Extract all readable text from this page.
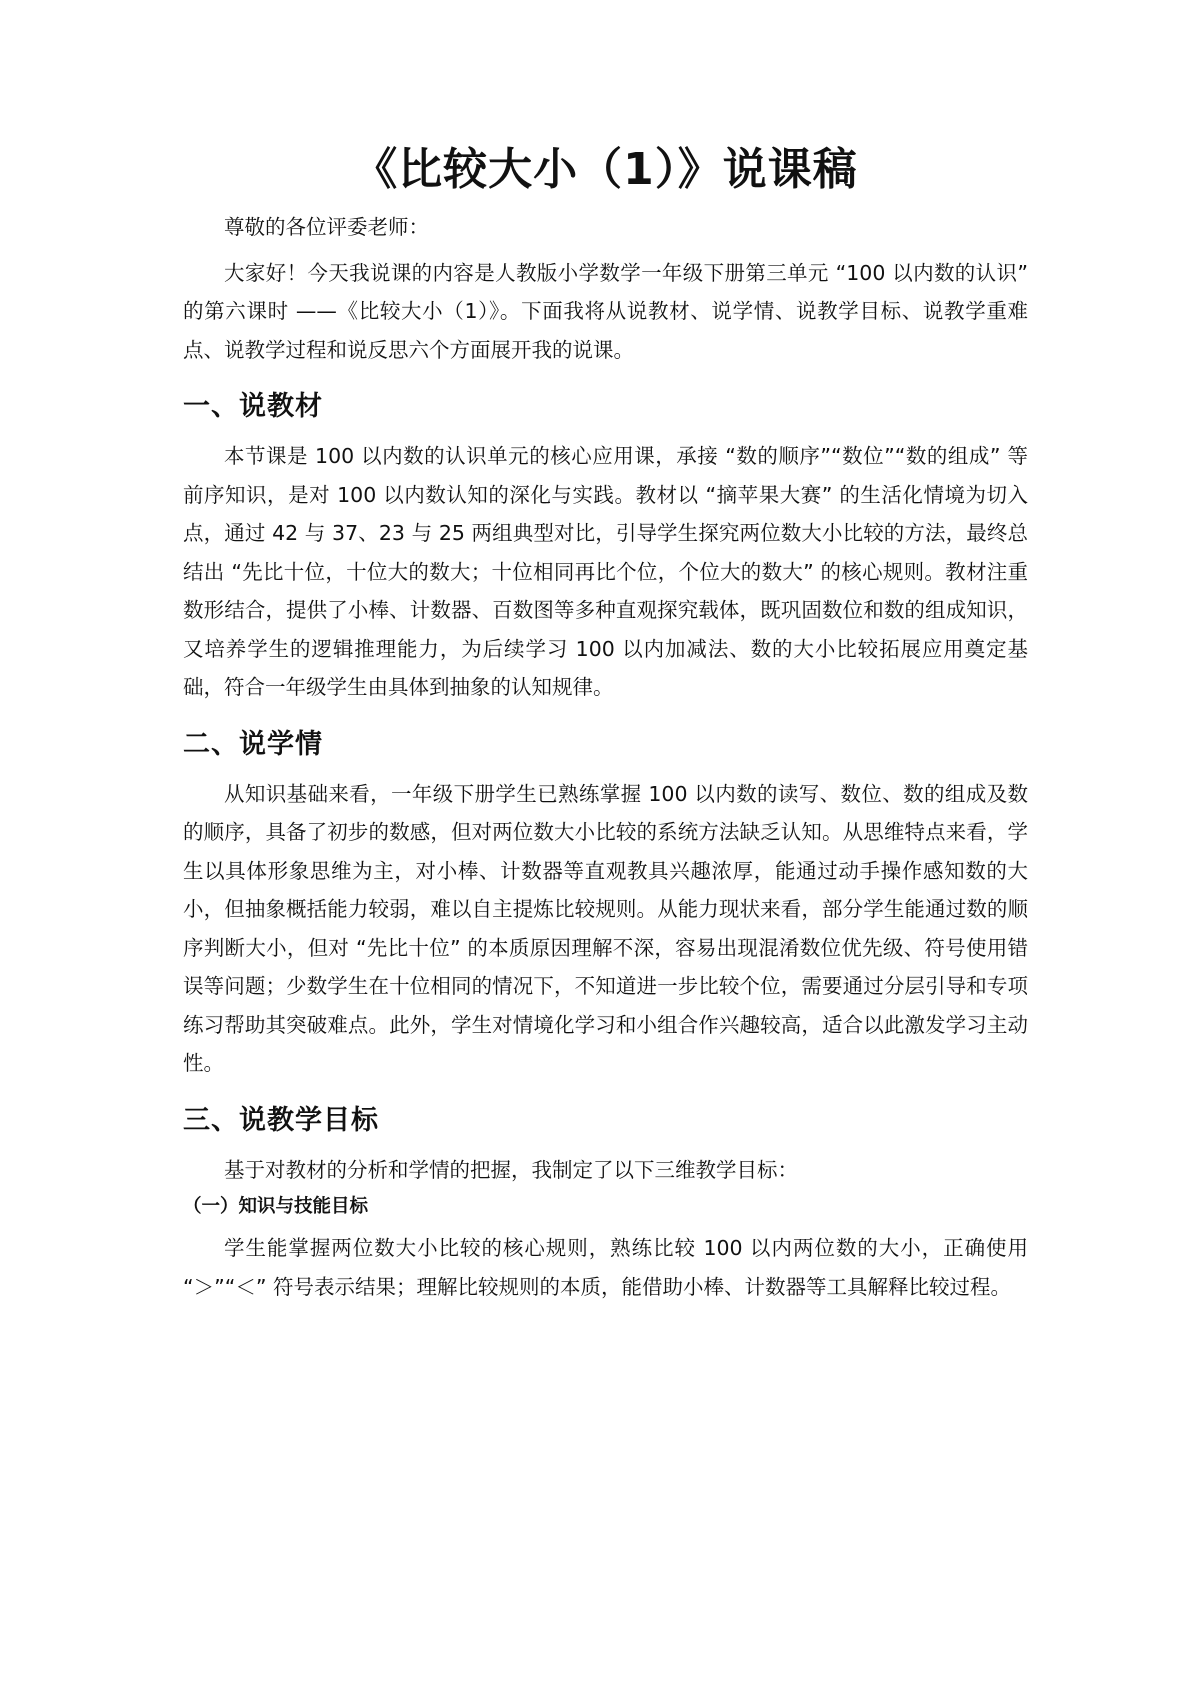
《比较大小（1）》说课稿
尊敬的各位评委老师：
大家好！今天我说课的内容是人教版小学数学一年级下册第三单元 “100 以内数的认识” 的第六课时 ——《比较大小（1）》。下面我将从说教材、说学情、说教学目标、说教学重难点、说教学过程和说反思六个方面展开我的说课。
一、说教材
本节课是 100 以内数的认识单元的核心应用课，承接 “数的顺序”“数位”“数的组成” 等前序知识，是对 100 以内数认知的深化与实践。教材以 “摘苹果大赛” 的生活化情境为切入点，通过 42 与 37、23 与 25 两组典型对比，引导学生探究两位数大小比较的方法，最终总结出 “先比十位，十位大的数大；十位相同再比个位，个位大的数大” 的核心规则。教材注重数形结合，提供了小棒、计数器、百数图等多种直观探究载体，既巩固数位和数的组成知识，又培养学生的逻辑推理能力，为后续学习 100 以内加减法、数的大小比较拓展应用奠定基础，符合一年级学生由具体到抽象的认知规律。
二、说学情
从知识基础来看，一年级下册学生已熟练掌握 100 以内数的读写、数位、数的组成及数的顺序，具备了初步的数感，但对两位数大小比较的系统方法缺乏认知。从思维特点来看，学生以具体形象思维为主，对小棒、计数器等直观教具兴趣浓厚，能通过动手操作感知数的大小，但抽象概括能力较弱，难以自主提炼比较规则。从能力现状来看，部分学生能通过数的顺序判断大小，但对 “先比十位” 的本质原因理解不深，容易出现混淆数位优先级、符号使用错误等问题；少数学生在十位相同的情况下，不知道进一步比较个位，需要通过分层引导和专项练习帮助其突破难点。此外，学生对情境化学习和小组合作兴趣较高，适合以此激发学习主动性。
三、说教学目标
基于对教材的分析和学情的把握，我制定了以下三维教学目标：
（一）知识与技能目标
学生能掌握两位数大小比较的核心规则，熟练比较 100 以内两位数的大小，正确使用 “＞”“＜” 符号表示结果；理解比较规则的本质，能借助小棒、计数器等工具解释比较过程。
